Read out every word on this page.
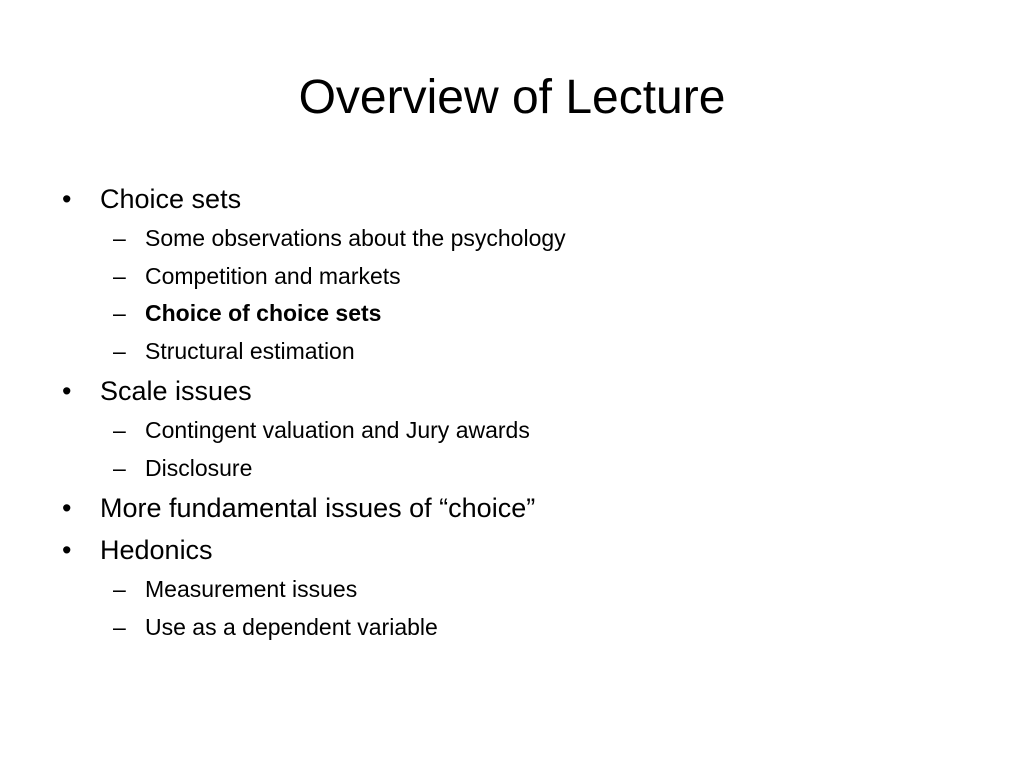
Overview of Lecture
•	Choice sets
– Some observations about the psychology
– Competition and markets
– Choice of choice sets
– Structural estimation
•	Scale issues
– Contingent valuation and Jury awards
– Disclosure
•	More fundamental issues of “choice”
•	Hedonics
– Measurement issues
– Use as a dependent variable
